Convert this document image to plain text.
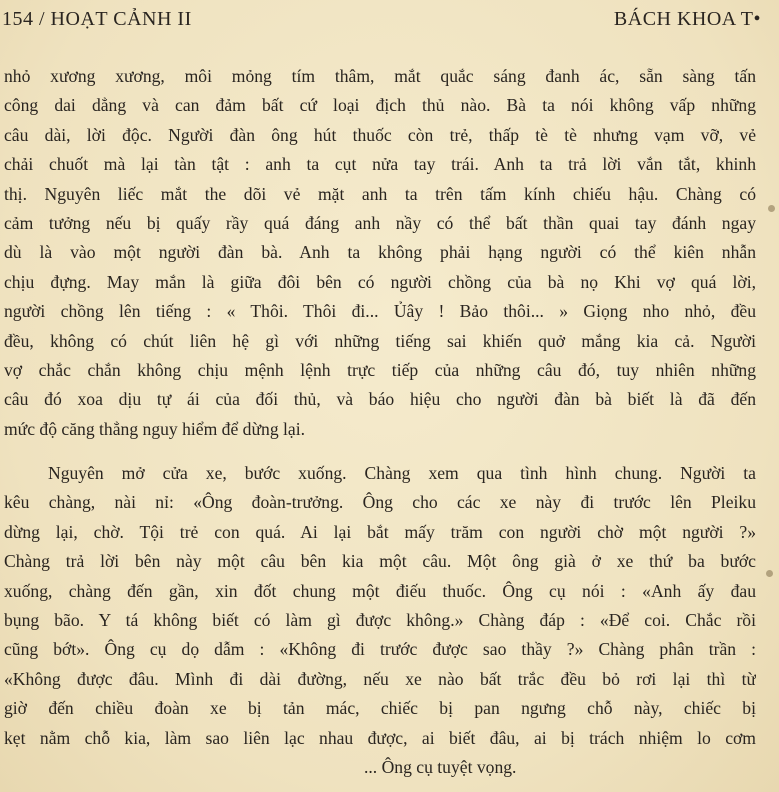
154 / HOẠT CẢNH II	BÁCH KHOA T•
nhỏ xương xương, môi mỏng tím thâm, mắt quắc sáng đanh ác, sẵn sàng tấn
công dai dẳng và can đảm bất cứ loại địch thủ nào. Bà ta nói không vấp những
câu dài, lời độc. Người đàn ông hút thuốc còn trẻ, thấp tè tè nhưng vạm vỡ, vẻ
chải chuốt mà lại tàn tật : anh ta cụt nửa tay trái. Anh ta trả lời vắn tắt, khinh
thị. Nguyên liếc mắt the dõi vẻ mặt anh ta trên tấm kính chiếu hậu. Chàng có
cảm tưởng nếu bị quấy rầy quá đáng anh nầy có thể bất thần quai tay đánh ngay
dù là vào một người đàn bà. Anh ta không phải hạng người có thể kiên nhẫn
chịu đựng. May mắn là giữa đôi bên có người chồng của bà nọ Khi vợ quá lời,
người chồng lên tiếng : « Thôi. Thôi đi... Ủây ! Bảo thôi... » Giọng nho nhỏ, đều
đều, không có chút liên hệ gì với những tiếng sai khiến quở mắng kia cả. Người
vợ chắc chắn không chịu mệnh lệnh trực tiếp của những câu đó, tuy nhiên những
câu đó xoa dịu tự ái của đối thủ, và báo hiệu cho người đàn bà biết là đã đến
mức độ căng thẳng nguy hiểm để dừng lại.
Nguyên mở cửa xe, bước xuống. Chàng xem qua tình hình chung. Người ta
kêu chàng, nài nỉ: «Ông đoàn-trưởng. Ông cho các xe này đi trước lên Pleiku
dừng lại, chờ. Tội trẻ con quá. Ai lại bắt mấy trăm con người chờ một người ?»
Chàng trả lời bên này một câu bên kia một câu. Một ông già ở xe thứ ba bước
xuống, chàng đến gần, xin đốt chung một điếu thuốc. Ông cụ nói : «Anh ấy đau
bụng bão. Y tá không biết có làm gì được không.» Chàng đáp : «Để coi. Chắc rồi
cũng bớt». Ông cụ dọ dẫm : «Không đi trước được sao thầy ?» Chàng phân trần :
«Không được đâu. Mình đi dài đường, nếu xe nào bất trắc đều bỏ rơi lại thì từ
giờ đến chiều đoàn xe bị tản mác, chiếc bị pan ngưng chỗ này, chiếc bị
kẹt nằm chỗ kia, làm sao liên lạc nhau được, ai biết đâu, ai bị trách nhiệm lo cơm
... Ông cụ tuyệt vọng.
